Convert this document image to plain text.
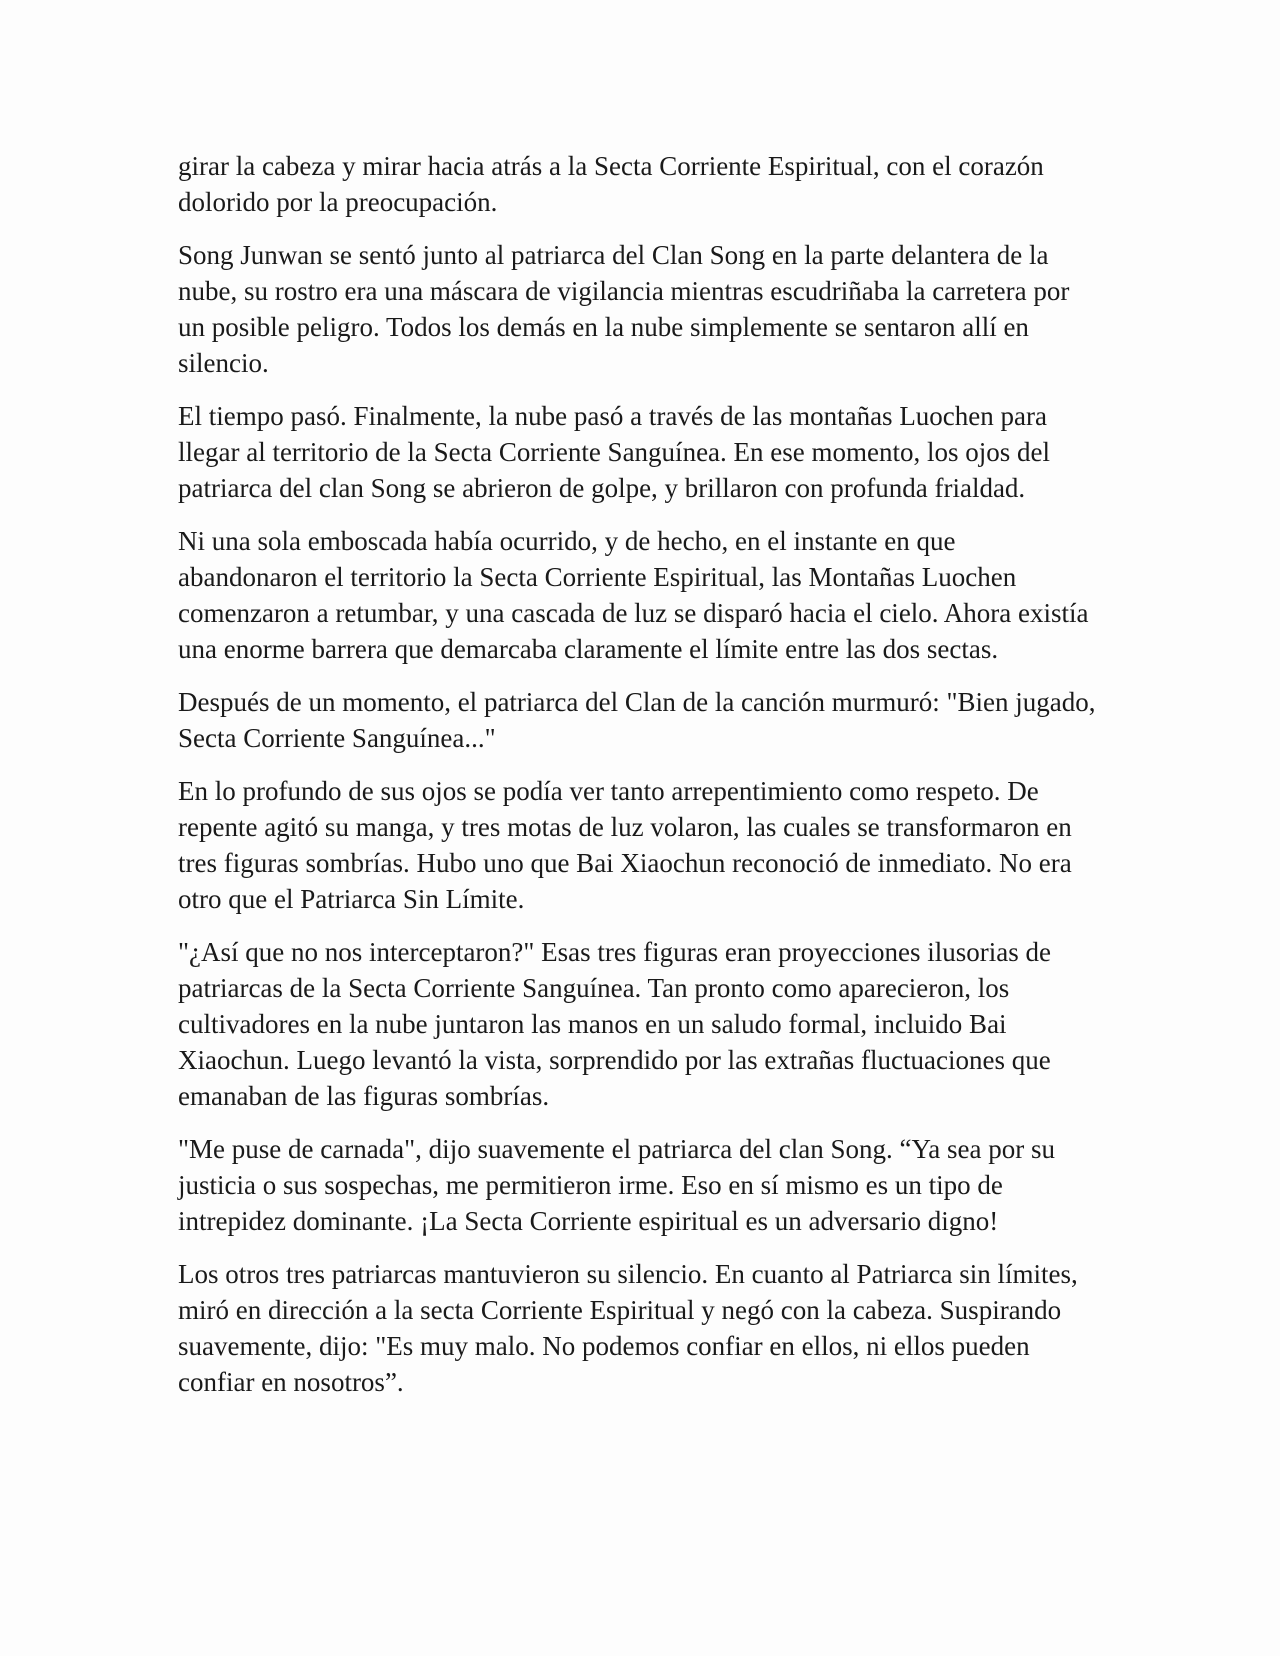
girar la cabeza y mirar hacia atrás a la Secta Corriente Espiritual, con el corazón dolorido por la preocupación.

Song Junwan se sentó junto al patriarca del Clan Song en la parte delantera de la nube, su rostro era una máscara de vigilancia mientras escudriñaba la carretera por un posible peligro. Todos los demás en la nube simplemente se sentaron allí en silencio.

El tiempo pasó. Finalmente, la nube pasó a través de las montañas Luochen para llegar al territorio de la Secta Corriente Sanguínea. En ese momento, los ojos del patriarca del clan Song se abrieron de golpe, y brillaron con profunda frialdad.

Ni una sola emboscada había ocurrido, y de hecho, en el instante en que abandonaron el territorio la Secta Corriente Espiritual, las Montañas Luochen comenzaron a retumbar, y una cascada de luz se disparó hacia el cielo. Ahora existía una enorme barrera que demarcaba claramente el límite entre las dos sectas.

Después de un momento, el patriarca del Clan de la canción murmuró: "Bien jugado, Secta Corriente Sanguínea..."

En lo profundo de sus ojos se podía ver tanto arrepentimiento como respeto. De repente agitó su manga, y tres motas de luz volaron, las cuales se transformaron en tres figuras sombrías. Hubo uno que Bai Xiaochun reconoció de inmediato. No era otro que el Patriarca Sin Límite.

"¿Así que no nos interceptaron?" Esas tres figuras eran proyecciones ilusorias de patriarcas de la Secta Corriente Sanguínea. Tan pronto como aparecieron, los cultivadores en la nube juntaron las manos en un saludo formal, incluido Bai Xiaochun. Luego levantó la vista, sorprendido por las extrañas fluctuaciones que emanaban de las figuras sombrías.

"Me puse de carnada", dijo suavemente el patriarca del clan Song. “Ya sea por su justicia o sus sospechas, me permitieron irme. Eso en sí mismo es un tipo de intrepidez dominante. ¡La Secta Corriente espiritual es un adversario digno!

Los otros tres patriarcas mantuvieron su silencio. En cuanto al Patriarca sin límites, miró en dirección a la secta Corriente Espiritual y negó con la cabeza. Suspirando suavemente, dijo: "Es muy malo. No podemos confiar en ellos, ni ellos pueden confiar en nosotros”.
